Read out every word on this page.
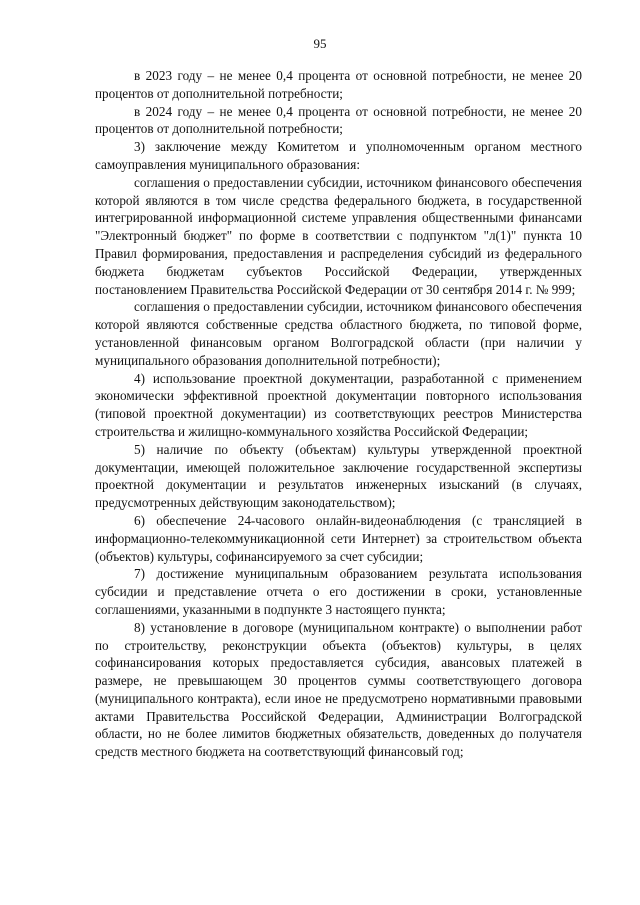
95

в 2023 году – не менее 0,4 процента от основной потребности, не менее 20 процентов от дополнительной потребности;

в 2024 году – не менее 0,4 процента от основной потребности, не менее 20 процентов от дополнительной потребности;

3) заключение между Комитетом и уполномоченным органом местного самоуправления муниципального образования:

соглашения о предоставлении субсидии, источником финансового обеспечения которой являются в том числе средства федерального бюджета, в государственной интегрированной информационной системе управления общественными финансами "Электронный бюджет" по форме в соответствии с подпунктом "л(1)" пункта 10 Правил формирования, предоставления и распределения субсидий из федерального бюджета бюджетам субъектов Российской Федерации, утвержденных постановлением Правительства Российской Федерации от 30 сентября 2014 г. № 999;

соглашения о предоставлении субсидии, источником финансового обеспечения которой являются собственные средства областного бюджета, по типовой форме, установленной финансовым органом Волгоградской области (при наличии у муниципального образования дополнительной потребности);

4) использование проектной документации, разработанной с применением экономически эффективной проектной документации повторного использования (типовой проектной документации) из соответствующих реестров Министерства строительства и жилищно-коммунального хозяйства Российской Федерации;

5) наличие по объекту (объектам) культуры утвержденной проектной документации, имеющей положительное заключение государственной экспертизы проектной документации и результатов инженерных изысканий (в случаях, предусмотренных действующим законодательством);

6) обеспечение 24-часового онлайн-видеонаблюдения (с трансляцией в информационно-телекоммуникационной сети Интернет) за строительством объекта (объектов) культуры, софинансируемого за счет субсидии;

7) достижение муниципальным образованием результата использования субсидии и представление отчета о его достижении в сроки, установленные соглашениями, указанными в подпункте 3 настоящего пункта;

8) установление в договоре (муниципальном контракте) о выполнении работ по строительству, реконструкции объекта (объектов) культуры, в целях софинансирования которых предоставляется субсидия, авансовых платежей в размере, не превышающем 30 процентов суммы соответствующего договора (муниципального контракта), если иное не предусмотрено нормативными правовыми актами Правительства Российской Федерации, Администрации Волгоградской области, но не более лимитов бюджетных обязательств, доведенных до получателя средств местного бюджета на соответствующий финансовый год;
